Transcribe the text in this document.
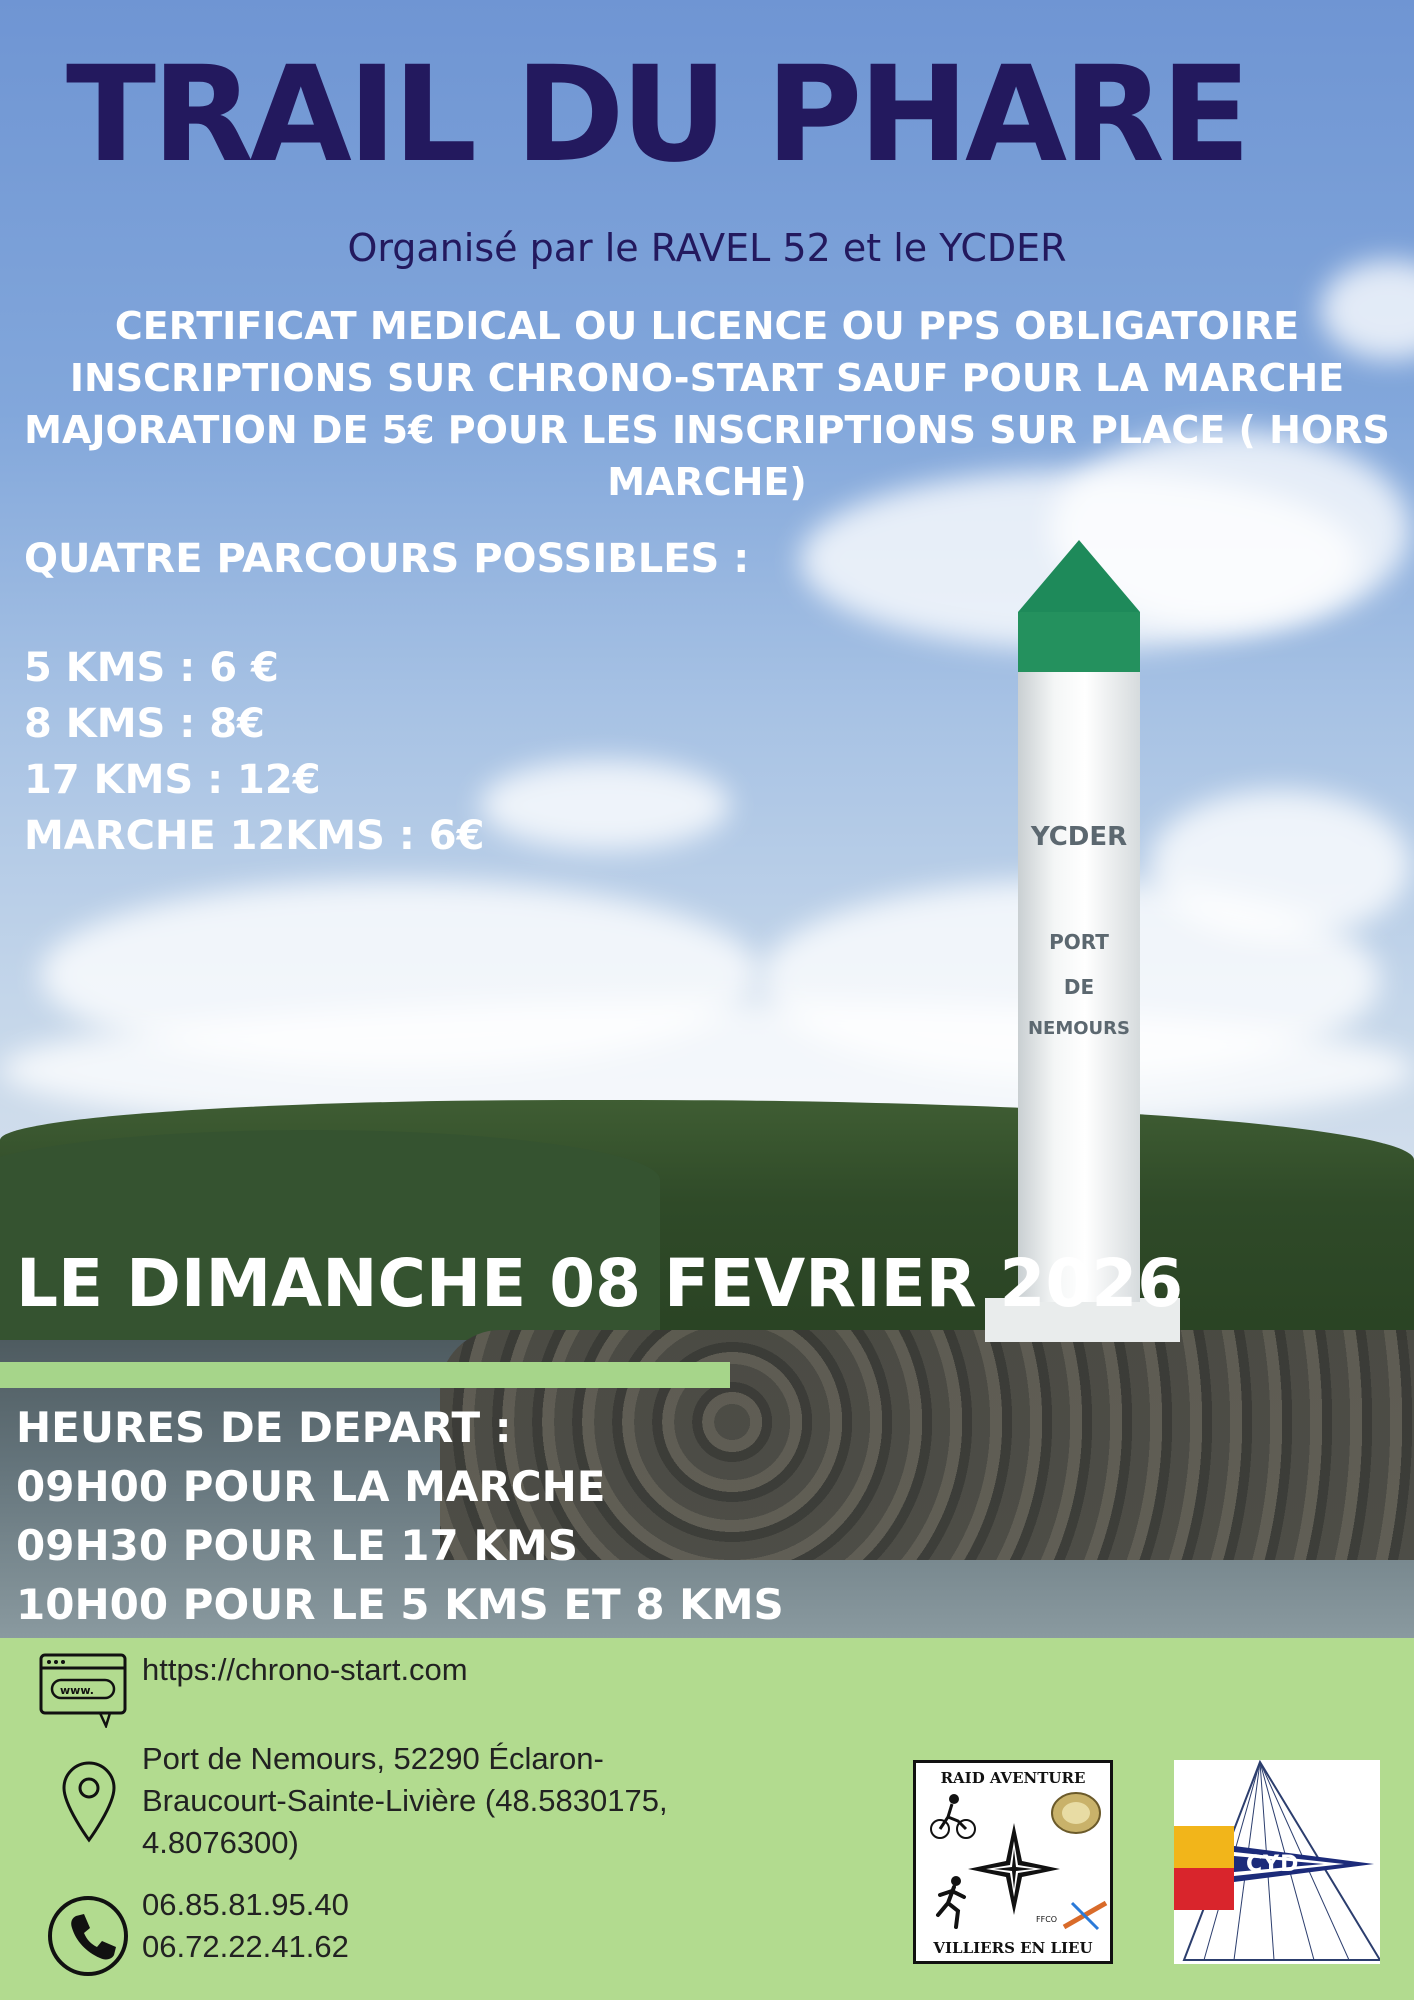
YCDER
PORT
DE
NEMOURS
TRAIL DU PHARE
Organisé par le RAVEL 52 et le YCDER
CERTIFICAT MEDICAL OU LICENCE OU PPS OBLIGATOIRE
INSCRIPTIONS SUR CHRONO-START SAUF POUR LA MARCHE
MAJORATION DE 5€ POUR LES INSCRIPTIONS SUR PLACE ( HORS MARCHE)
QUATRE PARCOURS POSSIBLES :
5 KMS : 6 €
8 KMS : 8€
17 KMS : 12€
MARCHE 12KMS : 6€
LE DIMANCHE 08 FEVRIER 2026
HEURES DE DEPART :
09H00 POUR LA MARCHE
09H30 POUR LE 17 KMS
10H00 POUR LE 5 KMS ET 8 KMS
www.
https://chrono-start.com
Port de Nemours, 52290 Éclaron-
Braucourt-Sainte-Livière (48.5830175,
4.8076300)
06.85.81.95.40
06.72.22.41.62
RAID AVENTURE
FFCO
VILLIERS EN LIEU
CYD
